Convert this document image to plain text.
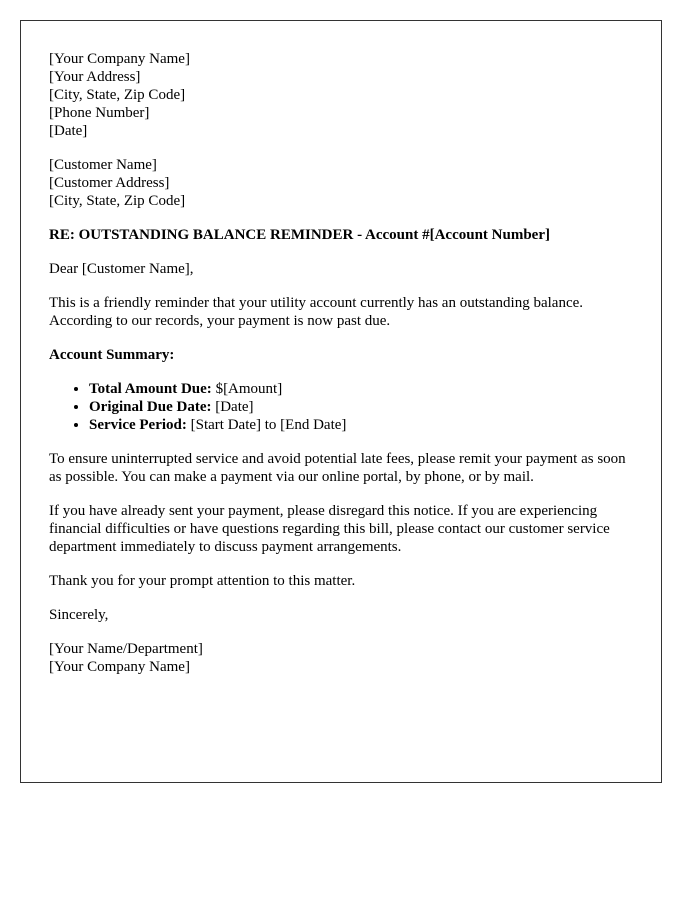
[Your Company Name]
[Your Address]
[City, State, Zip Code]
[Phone Number]
[Date]

[Customer Name]
[Customer Address]
[City, State, Zip Code]

RE: OUTSTANDING BALANCE REMINDER - Account #[Account Number]

Dear [Customer Name],

This is a friendly reminder that your utility account currently has an outstanding balance. According to our records, your payment is now past due.

Account Summary:

• Total Amount Due: $[Amount]
• Original Due Date: [Date]
• Service Period: [Start Date] to [End Date]

To ensure uninterrupted service and avoid potential late fees, please remit your payment as soon as possible. You can make a payment via our online portal, by phone, or by mail.

If you have already sent your payment, please disregard this notice. If you are experiencing financial difficulties or have questions regarding this bill, please contact our customer service department immediately to discuss payment arrangements.

Thank you for your prompt attention to this matter.

Sincerely,

[Your Name/Department]
[Your Company Name]
